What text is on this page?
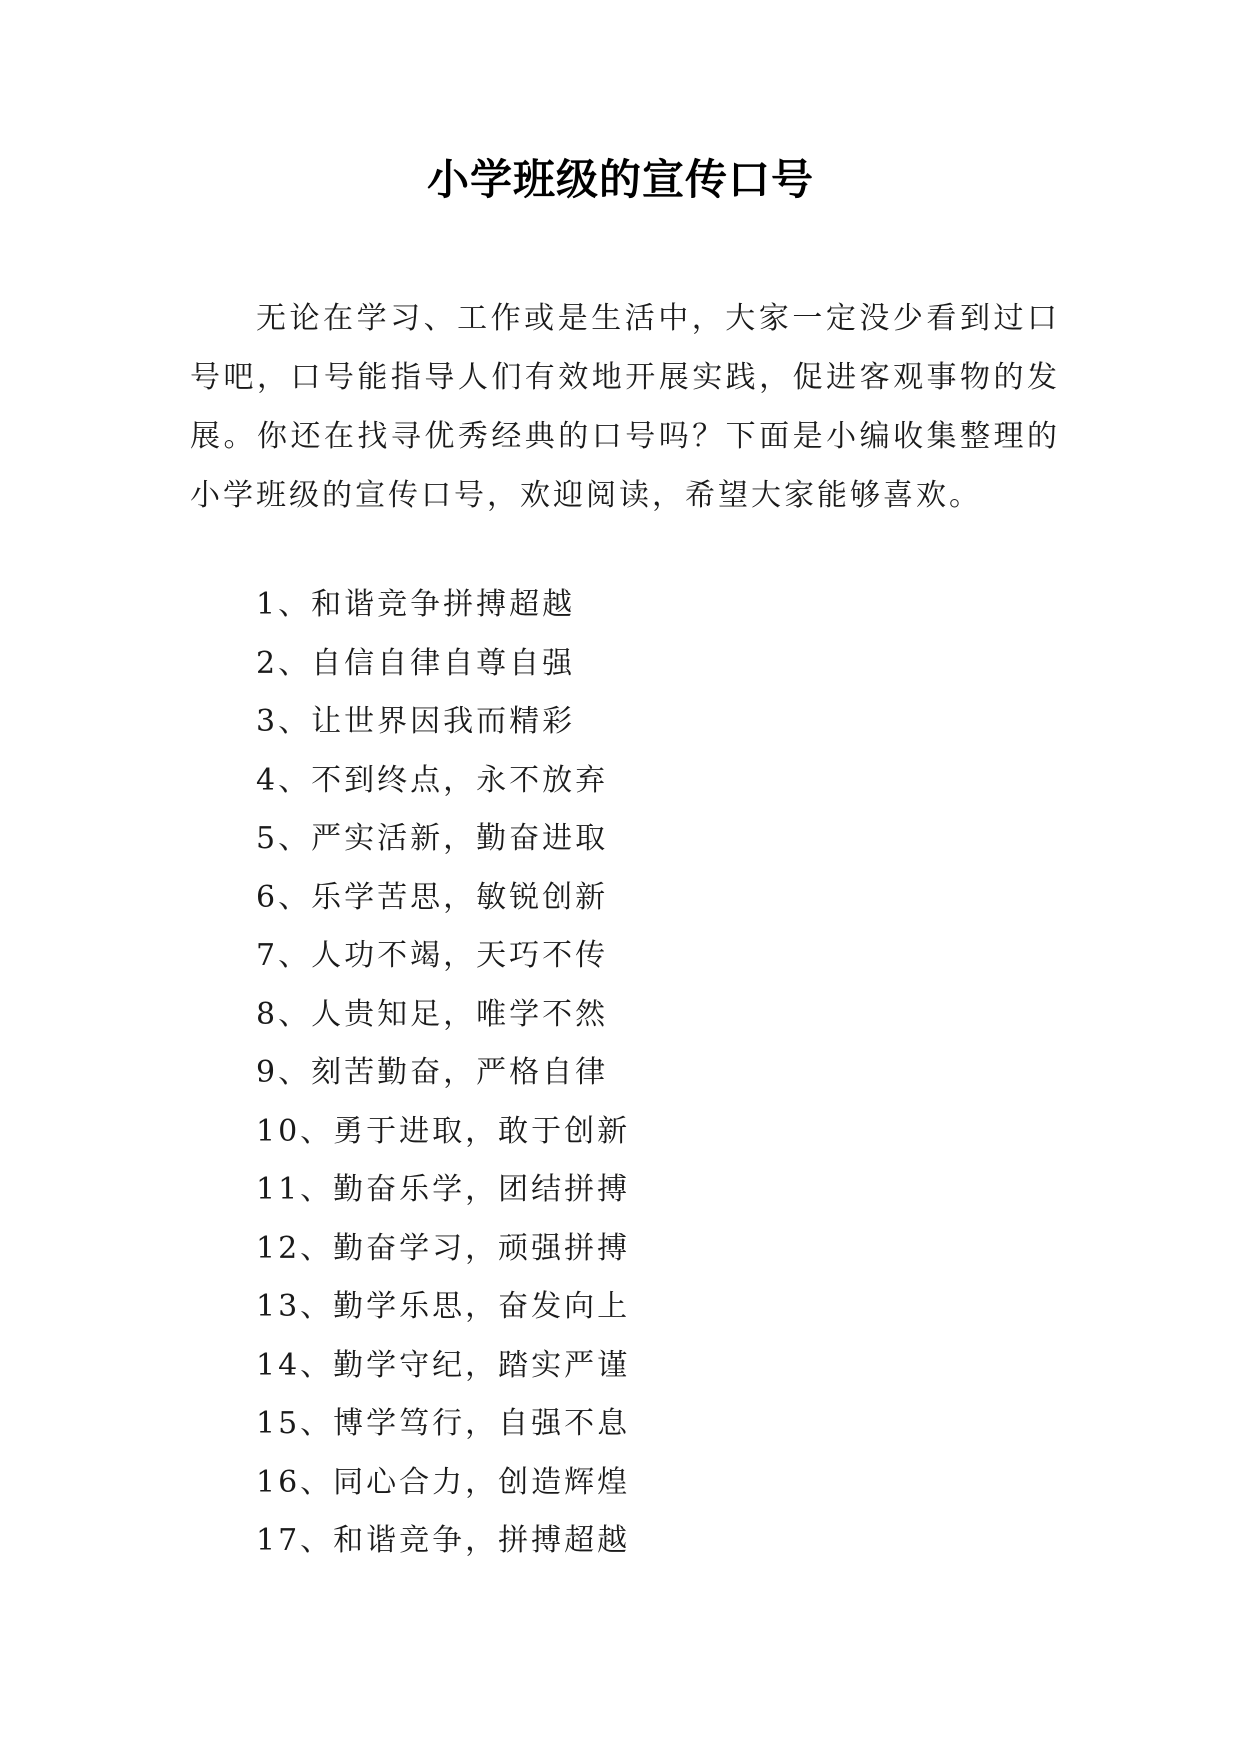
小学班级的宣传口号

无论在学习、工作或是生活中，大家一定没少看到过口号吧，口号能指导人们有效地开展实践，促进客观事物的发展。你还在找寻优秀经典的口号吗？下面是小编收集整理的小学班级的宣传口号，欢迎阅读，希望大家能够喜欢。

1、和谐竞争拼搏超越
2、自信自律自尊自强
3、让世界因我而精彩
4、不到终点，永不放弃
5、严实活新，勤奋进取
6、乐学苦思，敏锐创新
7、人功不竭，天巧不传
8、人贵知足，唯学不然
9、刻苦勤奋，严格自律
10、勇于进取，敢于创新
11、勤奋乐学，团结拼搏
12、勤奋学习，顽强拼搏
13、勤学乐思，奋发向上
14、勤学守纪，踏实严谨
15、博学笃行，自强不息
16、同心合力，创造辉煌
17、和谐竞争，拼搏超越
